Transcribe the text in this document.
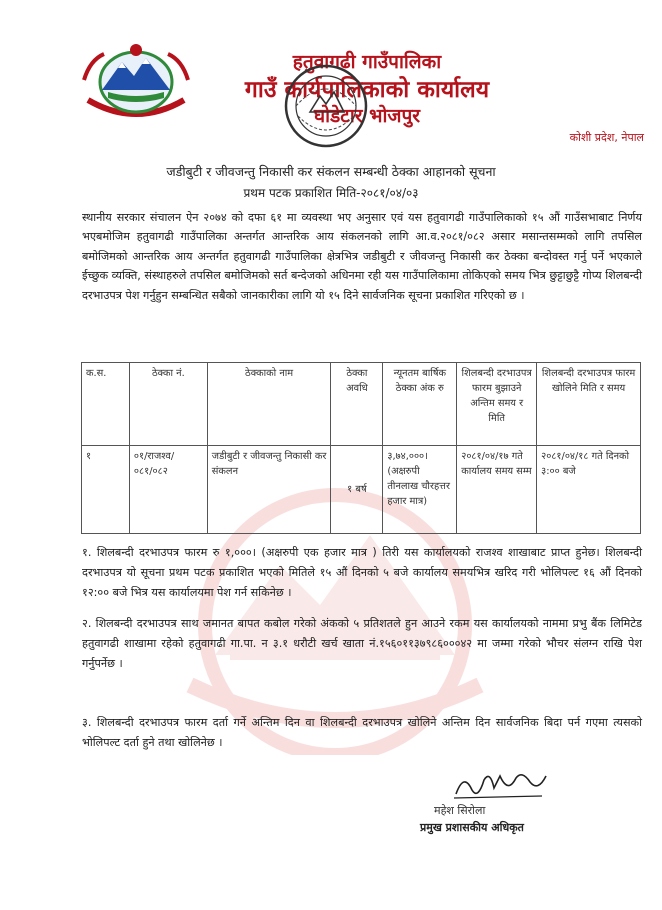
हतुवागढी गाउँपालिका
गाउँ कार्यपालिकाको कार्यालय
घोडेटार भोजपुर
कोशी प्रदेश, नेपाल
जडीबुटी र जीवजन्तु निकासी कर संकलन सम्बन्धी ठेक्का आहानको सूचना
प्रथम पटक प्रकाशित मिति-२०८१/०४/०३

स्थानीय सरकार संचालन ऐन २०७४ को दफा ६१ मा व्यवस्था भए अनुसार एवं यस हतुवागढी गाउँपालिकाको १५ औं गाउँसभाबाट निर्णय भएबमोजिम हतुवागढी गाउँपालिका अन्तर्गत आन्तरिक आय संकलनको लागि आ.व.२०८१/०८२ असार मसान्तसम्मको लागि तपसिल बमोजिमको आन्तरिक आय अन्तर्गत हतुवागढी गाउँपालिका क्षेत्रभित्र जडीबुटी र जीवजन्तु निकासी कर ठेक्का बन्दोवस्त गर्नु पर्ने भएकाले ईच्छुक व्यक्ति, संस्थाहरुले तपसिल बमोजिमको सर्त बन्देजको अधिनमा रही यस गाउँपालिकामा तोकिएको समय भित्र छुट्टाछुट्टै गोप्य शिलबन्दी दरभाउपत्र पेश गर्नुहुन सम्बन्धित सबैको जानकारीका लागि यो १५ दिने सार्वजनिक सूचना प्रकाशित गरिएको छ ।

क.स.	ठेक्का नं.	ठेक्काको नाम	ठेक्का अवधि	न्यूनतम बार्षिक ठेक्का अंक रु	शिलबन्दी दरभाउपत्र फारम बुझाउने अन्तिम समय र मिति	शिलबन्दी दरभाउपत्र फारम खोलिने मिति र समय
१	०१/राजश्व/०८१/०८२	जडीबुटी र जीवजन्तु निकासी कर संकलन	१ बर्ष	३,७४,०००।
(अक्षरुपी तीनलाख चौरहत्तर हजार मात्र)	२०८१/०४/१७ गते कार्यालय समय सम्म	२०८१/०४/१८ गते दिनको ३:०० बजे

१. शिलबन्दी दरभाउपत्र फारम रु १,०००। (अक्षरुपी एक हजार मात्र ) तिरी यस कार्यालयको राजश्व शाखाबाट प्राप्त हुनेछ। शिलबन्दी दरभाउपत्र यो सूचना प्रथम पटक प्रकाशित भएको मितिले १५ औं दिनको ५ बजे कार्यालय समयभित्र खरिद गरी भोलिपल्ट १६ औं दिनको १२:०० बजे भित्र यस कार्यालयमा पेश गर्न सकिनेछ ।

२. शिलबन्दी दरभाउपत्र साथ जमानत बापत कबोल गरेको अंकको ५ प्रतिशतले हुन आउने रकम यस कार्यालयको नाममा प्रभु बैंक लिमिटेड हतुवागढी शाखामा रहेको हतुवागढी गा.पा. न ३.१ धरौटी खर्च खाता नं.१५६०११३७९८६०००४२ मा जम्मा गरेको भौचर संलग्न राखि पेश गर्नुपर्नेछ ।

३. शिलबन्दी दरभाउपत्र फारम दर्ता गर्ने अन्तिम दिन वा शिलबन्दी दरभाउपत्र खोलिने अन्तिम दिन सार्वजनिक बिदा पर्न गएमा त्यसको भोलिपल्ट दर्ता हुने तथा खोलिनेछ ।

महेश सिरोला
प्रमुख प्रशासकीय अधिकृत
